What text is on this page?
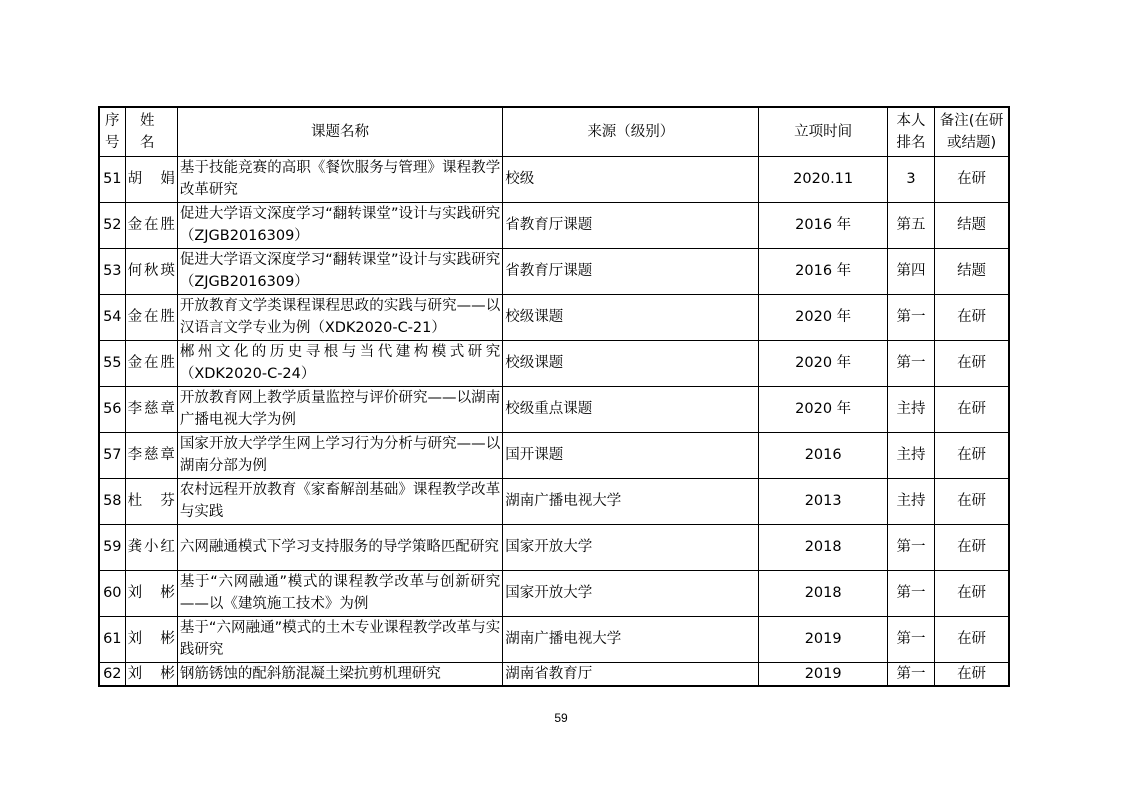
序号	姓 名	课题名称	来源（级别）	立项时间	本人排名	备注(在研或结题)
51	胡 娟	基于技能竞赛的高职《餐饮服务与管理》课程教学改革研究	校级	2020.11	3	在研
52	金在胜	促进大学语文深度学习“翻转课堂”设计与实践研究（ZJGB2016309）	省教育厅课题	2016 年	第五	结题
53	何秋瑛	促进大学语文深度学习“翻转课堂”设计与实践研究（ZJGB2016309）	省教育厅课题	2016 年	第四	结题
54	金在胜	开放教育文学类课程课程思政的实践与研究——以汉语言文学专业为例（XDK2020-C-21）	校级课题	2020 年	第一	在研
55	金在胜	郴州文化的历史寻根与当代建构模式研究（XDK2020-C-24）	校级课题	2020 年	第一	在研
56	李慈章	开放教育网上教学质量监控与评价研究——以湖南广播电视大学为例	校级重点课题	2020 年	主持	在研
57	李慈章	国家开放大学学生网上学习行为分析与研究——以湖南分部为例	国开课题	2016	主持	在研
58	杜 芬	农村远程开放教育《家畜解剖基础》课程教学改革与实践	湖南广播电视大学	2013	主持	在研
59	龚小红	六网融通模式下学习支持服务的导学策略匹配研究	国家开放大学	2018	第一	在研
60	刘 彬	基于“六网融通”模式的课程教学改革与创新研究——以《建筑施工技术》为例	国家开放大学	2018	第一	在研
61	刘 彬	基于“六网融通”模式的土木专业课程教学改革与实践研究	湖南广播电视大学	2019	第一	在研
62	刘 彬	钢筋锈蚀的配斜筋混凝土梁抗剪机理研究	湖南省教育厅	2019	第一	在研
59
